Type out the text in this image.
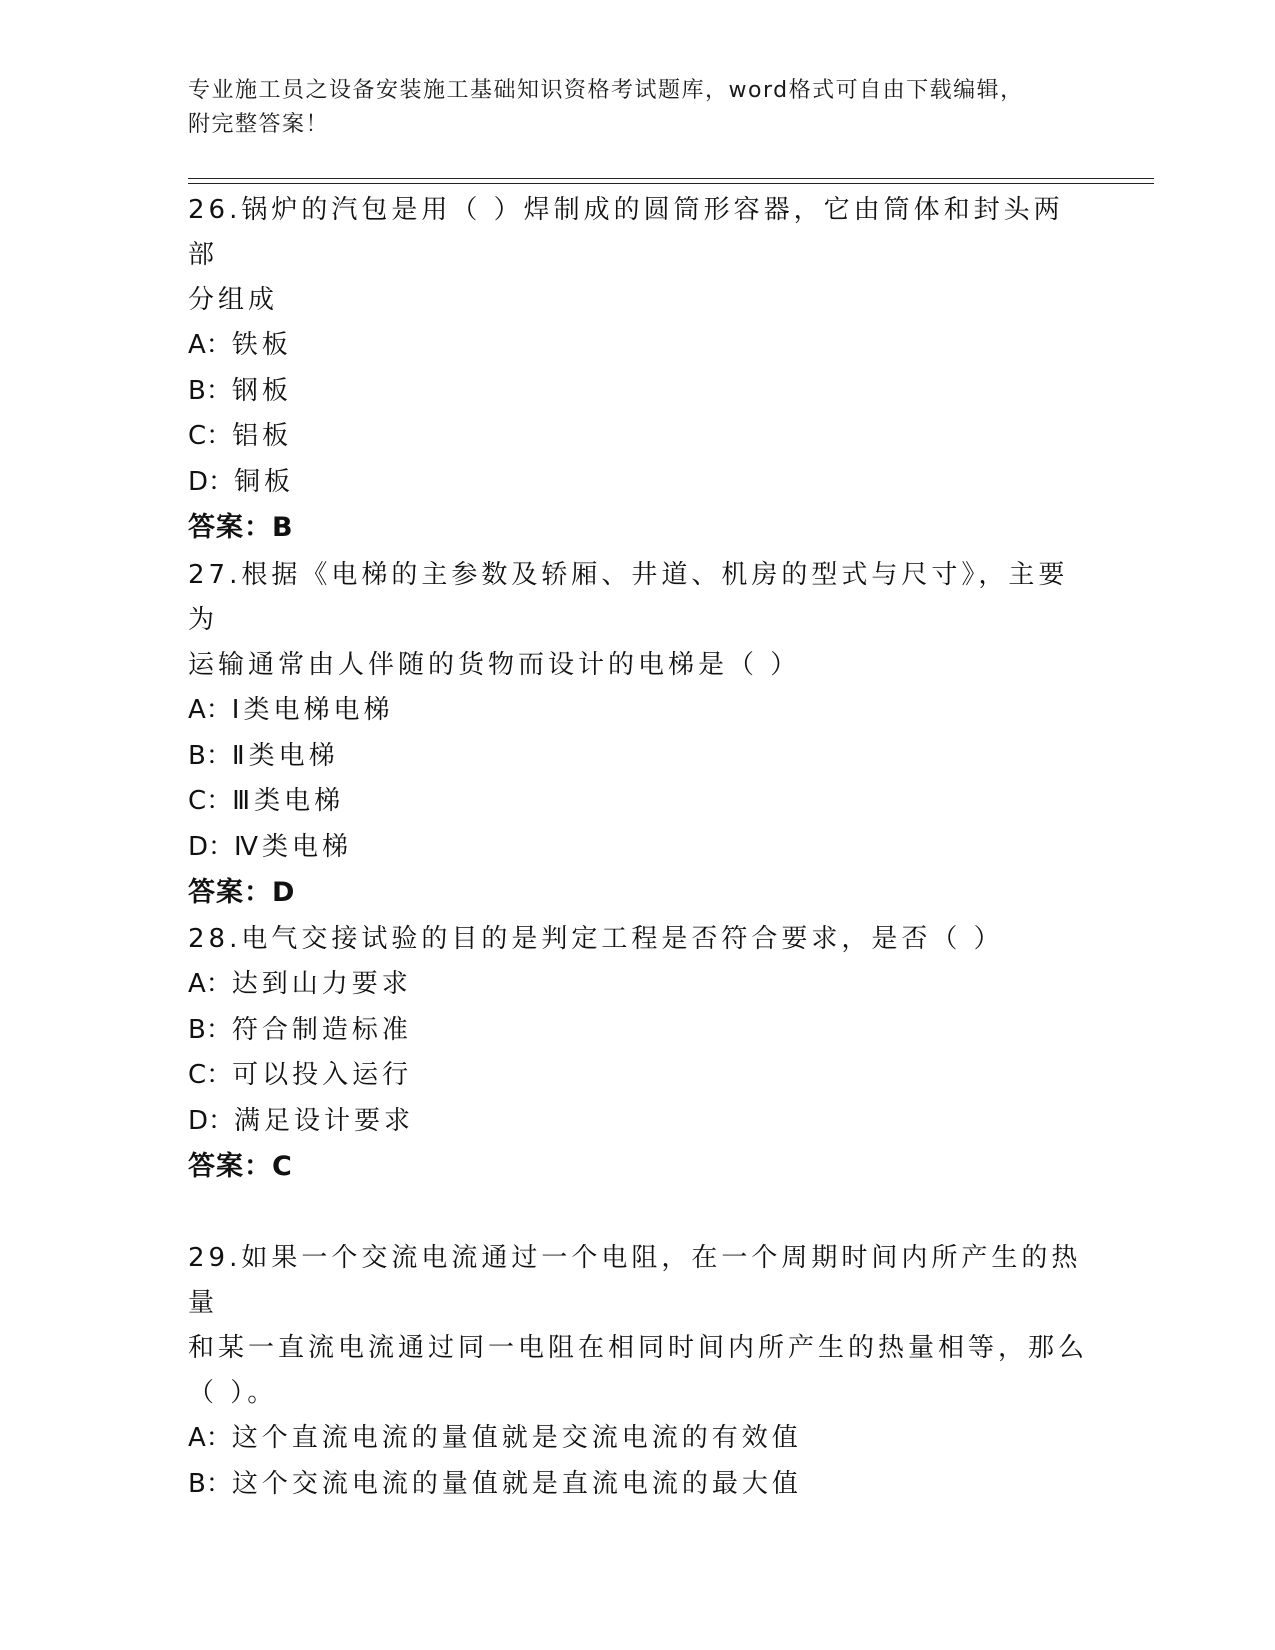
专业施工员之设备安装施工基础知识资格考试题库，word格式可自由下载编辑，
附完整答案！
26.锅炉的汽包是用（ ）焊制成的圆筒形容器，它由筒体和封头两部
分组成
A：铁板
B：钢板
C：铝板
D：铜板
答案：B
27.根据《电梯的主参数及轿厢、井道、机房的型式与尺寸》，主要为
运输通常由人伴随的货物而设计的电梯是（ ）
A：Ⅰ类电梯电梯
B：Ⅱ类电梯
C：Ⅲ类电梯
D：Ⅳ类电梯
答案：D
28.电气交接试验的目的是判定工程是否符合要求，是否（ ）
A：达到山力要求
B：符合制造标准
C：可以投入运行
D：满足设计要求
答案：C
29.如果一个交流电流通过一个电阻，在一个周期时间内所产生的热量
和某一直流电流通过同一电阻在相同时间内所产生的热量相等，那么
（ ）。
A：这个直流电流的量值就是交流电流的有效值
B：这个交流电流的量值就是直流电流的最大值
